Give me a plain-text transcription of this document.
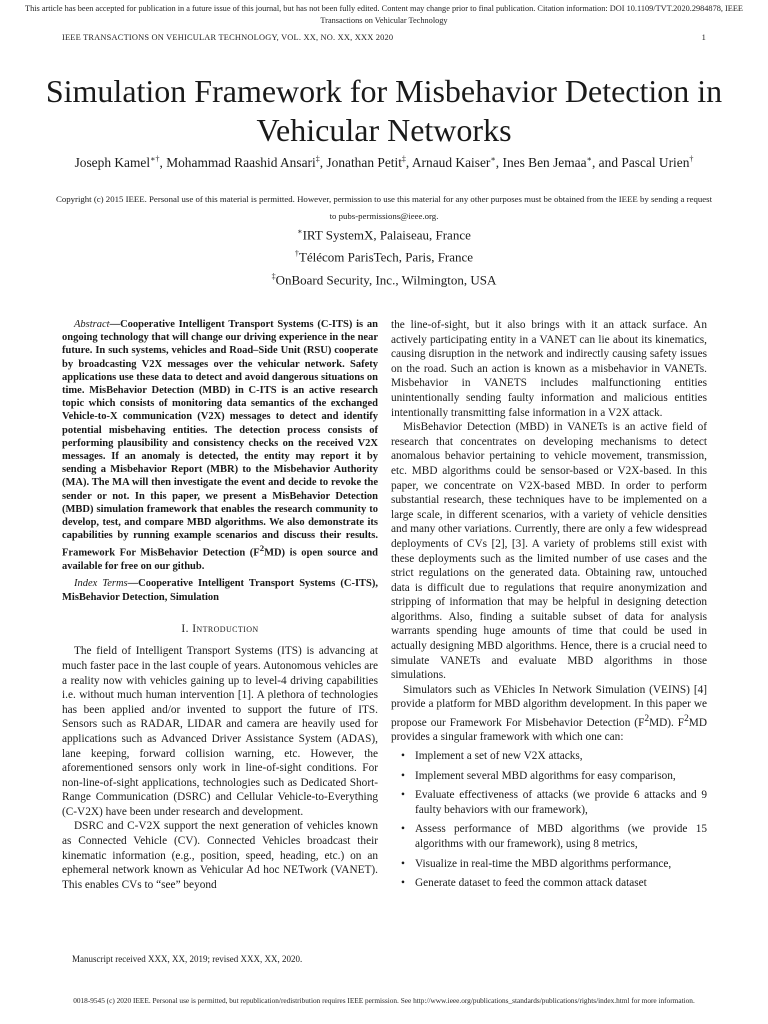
This article has been accepted for publication in a future issue of this journal, but has not been fully edited. Content may change prior to final publication. Citation information: DOI 10.1109/TVT.2020.2984878, IEEE Transactions on Vehicular Technology
IEEE TRANSACTIONS ON VEHICULAR TECHNOLOGY, VOL. XX, NO. XX, XXX 2020	1
Simulation Framework for Misbehavior Detection in Vehicular Networks
Joseph Kamel∗†, Mohammad Raashid Ansari‡, Jonathan Petit‡, Arnaud Kaiser∗, Ines Ben Jemaa∗, and Pascal Urien†
Copyright (c) 2015 IEEE. Personal use of this material is permitted. However, permission to use this material for any other purposes must be obtained from the IEEE by sending a request to pubs-permissions@ieee.org.
∗IRT SystemX, Palaiseau, France
†Télécom ParisTech, Paris, France
‡OnBoard Security, Inc., Wilmington, USA

Abstract—Cooperative Intelligent Transport Systems (C-ITS) is an ongoing technology that will change our driving experience in the near future. In such systems, vehicles and Road–Side Unit (RSU) cooperate by broadcasting V2X messages over the vehicular network. Safety applications use these data to detect and avoid dangerous situations on time. MisBehavior Detection (MBD) in C-ITS is an active research topic which consists of monitoring data semantics of the exchanged Vehicle-to-X communication (V2X) messages to detect and identify potential misbehaving entities. The detection process consists of performing plausibility and consistency checks on the received V2X messages. If an anomaly is detected, the entity may report it by sending a Misbehavior Report (MBR) to the Misbehavior Authority (MA). The MA will then investigate the event and decide to revoke the sender or not. In this paper, we present a MisBehavior Detection (MBD) simulation framework that enables the research community to develop, test, and compare MBD algorithms. We also demonstrate its capabilities by running example scenarios and discuss their results. Framework For MisBehavior Detection $(F^2MD)$ is open source and available for free on our github.

Index Terms—Cooperative Intelligent Transport Systems (C-ITS), MisBehavior Detection, Simulation

I. Introduction

The field of Intelligent Transport Systems (ITS) is advancing at much faster pace in the last couple of years. Autonomous vehicles are a reality now with vehicles gaining up to level-4 driving capabilities i.e. without much human intervention [1]. A plethora of technologies has been applied and/or invented to support the future of ITS. Sensors such as RADAR, LIDAR and camera are heavily used for applications such as Advanced Driver Assistance System (ADAS), lane keeping, forward collision warning, etc. However, the aforementioned sensors only work in line-of-sight conditions. For non-line-of-sight applications, technologies such as Dedicated Short-Range Communication (DSRC) and Cellular Vehicle-to-Everything (C-V2X) have been under research and development.

DSRC and C-V2X support the next generation of vehicles known as Connected Vehicle (CV). Connected Vehicles broadcast their kinematic information (e.g., position, speed, heading, etc.) on an ephemeral network known as Vehicular Ad hoc NETwork (VANET). This enables CVs to “see” beyond

the line-of-sight, but it also brings with it an attack surface. An actively participating entity in a VANET can lie about its kinematics, causing disruption in the network and indirectly causing safety issues on the road. Such an action is known as a misbehavior in VANETs. Misbehavior in VANETS includes malfunctioning entities unintentionally sending faulty information and malicious entities intentionally transmitting false information in a V2X attack.

MisBehavior Detection (MBD) in VANETs is an active field of research that concentrates on developing mechanisms to detect anomalous behavior pertaining to vehicle movement, transmission, etc. MBD algorithms could be sensor-based or V2X-based. In this paper, we concentrate on V2X-based MBD. In order to perform substantial research, these techniques have to be implemented on a large scale, in different scenarios, with a variety of vehicle densities and many other variations. Currently, there are only a few widespread deployments of CVs [2], [3]. A variety of problems still exist with these deployments such as the limited number of use cases and the strict regulations on the generated data. Obtaining raw, untouched data is difficult due to regulations that require anonymization and stripping of information that may be helpful in designing detection algorithms. Also, finding a suitable subset of data for analysis warrants spending huge amounts of time that could be used in actually designing MBD algorithms. Hence, there is a crucial need to simulate VANETs and evaluate MBD algorithms in those simulations.

Simulators such as VEhicles In Network Simulation (VEINS) [4] provide a platform for MBD algorithm development. In this paper we propose our Framework For Misbehavior Detection $(F^2MD)$. $F^2MD$ provides a singular framework with which one can:

• Implement a set of new V2X attacks,
• Implement several MBD algorithms for easy comparison,
• Evaluate effectiveness of attacks (we provide 6 attacks and 9 faulty behaviors with our framework),
• Assess performance of MBD algorithms (we provide 15 algorithms with our framework), using 8 metrics,
• Visualize in real-time the MBD algorithms performance,
• Generate dataset to feed the common attack dataset
Manuscript received XXX, XX, 2019; revised XXX, XX, 2020.
0018-9545 (c) 2020 IEEE. Personal use is permitted, but republication/redistribution requires IEEE permission. See http://www.ieee.org/publications_standards/publications/rights/index.html for more information.
